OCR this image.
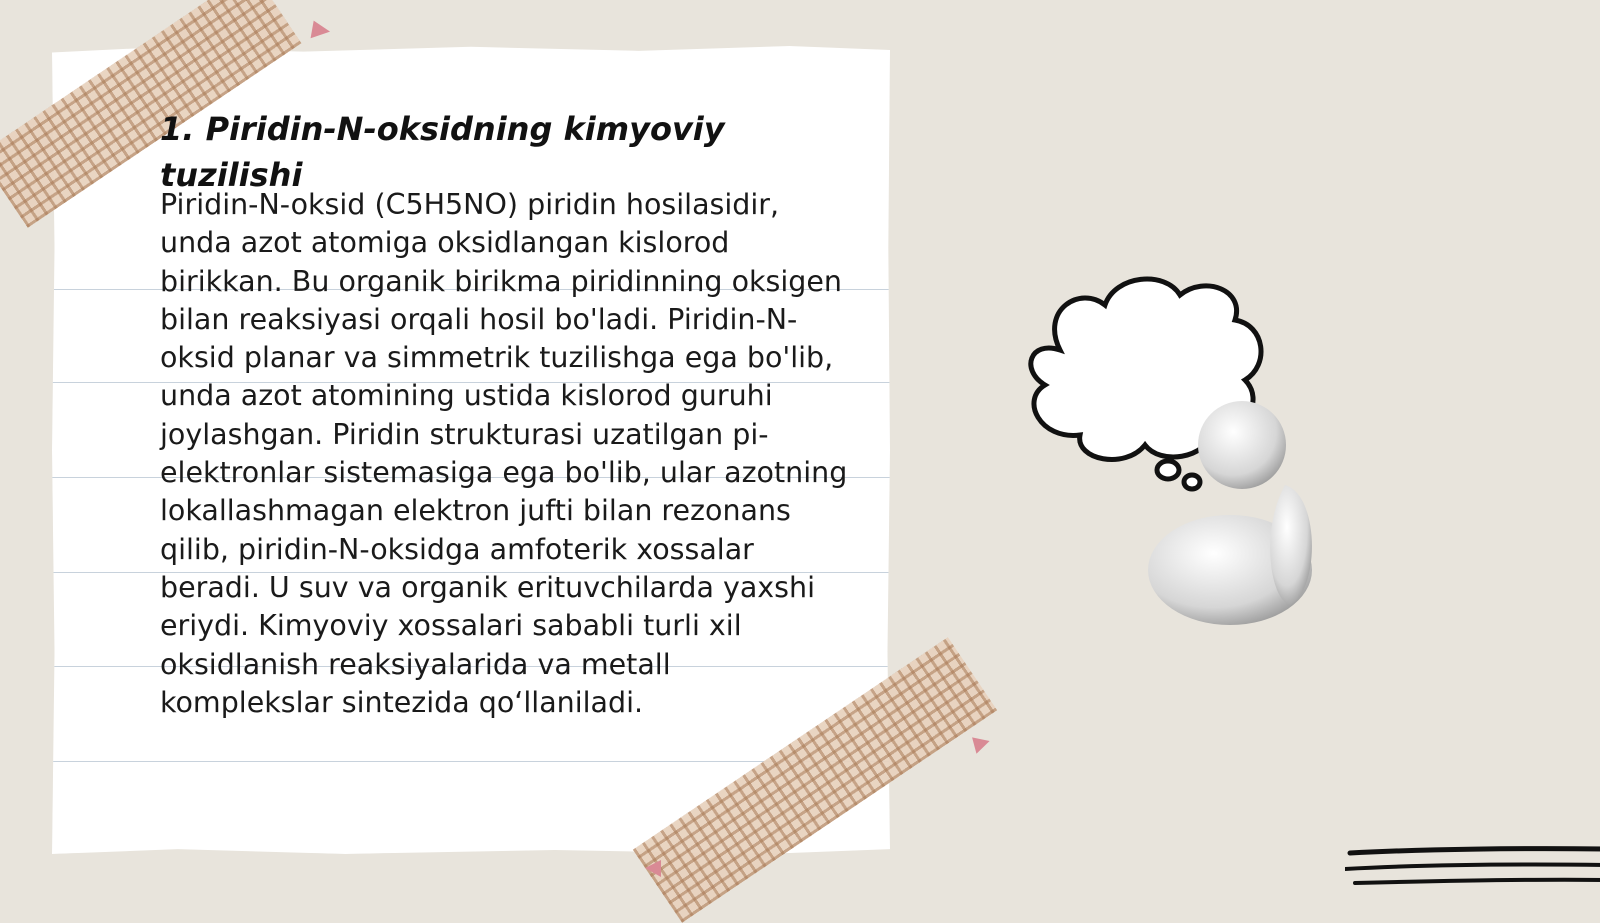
1. Piridin-N-oksidning kimyoviy tuzilishi

Piridin-N-oksid (C5H5NO) piridin hosilasidir, unda azot atomiga oksidlangan kislorod birikkan. Bu organik birikma piridinning oksigen bilan reaksiyasi orqali hosil bo'ladi. Piridin-N-oksid planar va simmetrik tuzilishga ega bo'lib, unda azot atomining ustida kislorod guruhi joylashgan. Piridin strukturasi uzatilgan pi-elektronlar sistemasiga ega bo'lib, ular azotning lokallashmagan elektron jufti bilan rezonans qilib, piridin-N-oksidga amfoterik xossalar beradi. U suv va organik erituvchilarda yaxshi eriydi. Kimyoviy xossalari sababli turli xil oksidlanish reaksiyalarida va metall komplekslar sintezida qo‘llaniladi.
